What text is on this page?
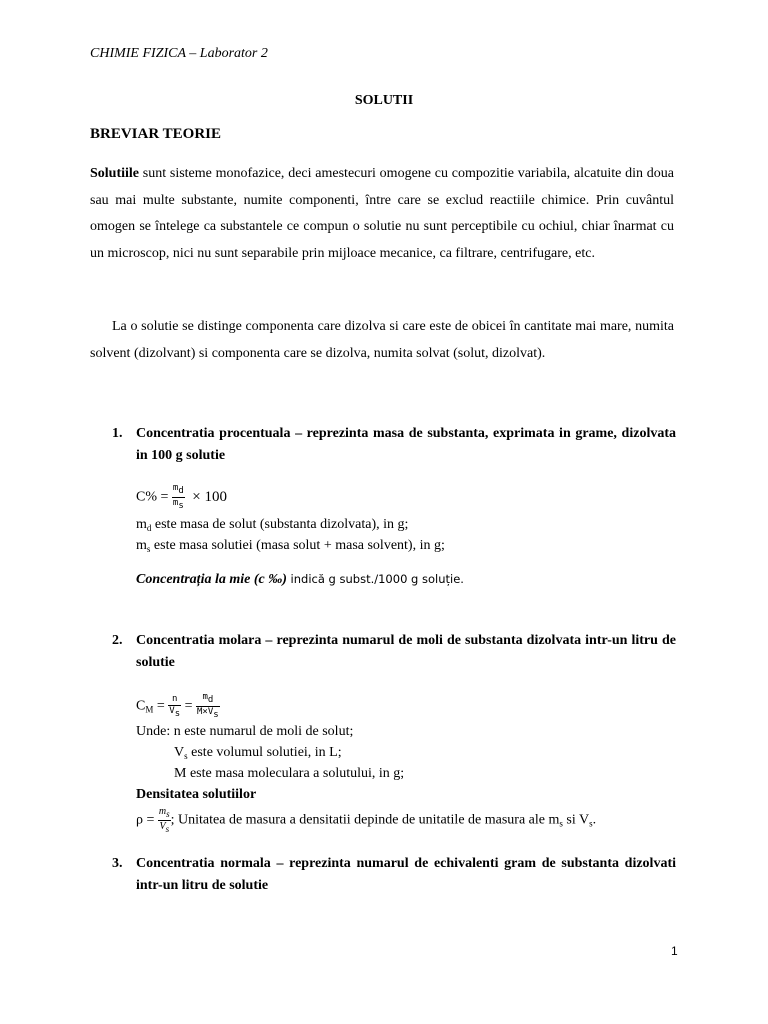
CHIMIE FIZICA – Laborator 2
SOLUTII
BREVIAR TEORIE
Solutiile sunt sisteme monofazice, deci amestecuri omogene cu compozitie variabila, alcatuite din doua sau mai multe substante, numite componenti, între care se exclud reactiile chimice. Prin cuvântul omogen se întelege ca substantele ce compun o solutie nu sunt perceptibile cu ochiul, chiar înarmat cu un microscop, nici nu sunt separabile prin mijloace mecanice, ca filtrare, centrifugare, etc.
La o solutie se distinge componenta care dizolva si care este de obicei în cantitate mai mare, numita solvent (dizolvant) si componenta care se dizolva, numita solvat (solut, dizolvat).
1. Concentratia procentuala – reprezinta masa de substanta, exprimata in grame, dizolvata in 100 g solutie
$C\% = \frac{m_d}{m_s} \times 100$
$m_d$ este masa de solut (substanta dizolvata), in g;
$m_s$ este masa solutiei (masa solut + masa solvent), in g;
Concentrația la mie (c ‰) indică g subst./1000 g soluție.
2. Concentratia molara – reprezinta numarul de moli de substanta dizolvata intr-un litru de solutie
$C_M = \frac{n}{V_s} = \frac{m_d}{M\times V_s}$
Unde: n este numarul de moli de solut;
$V_s$ este volumul solutiei, in L;
M este masa moleculara a solutului, in g;
Densitatea solutiilor
$\rho = \frac{m_s}{V_s}$ ; Unitatea de masura a densitatii depinde de unitatile de masura ale $m_s$ si $V_s$.
3. Concentratia normala – reprezinta numarul de echivalenti gram de substanta dizolvati intr-un litru de solutie
1
